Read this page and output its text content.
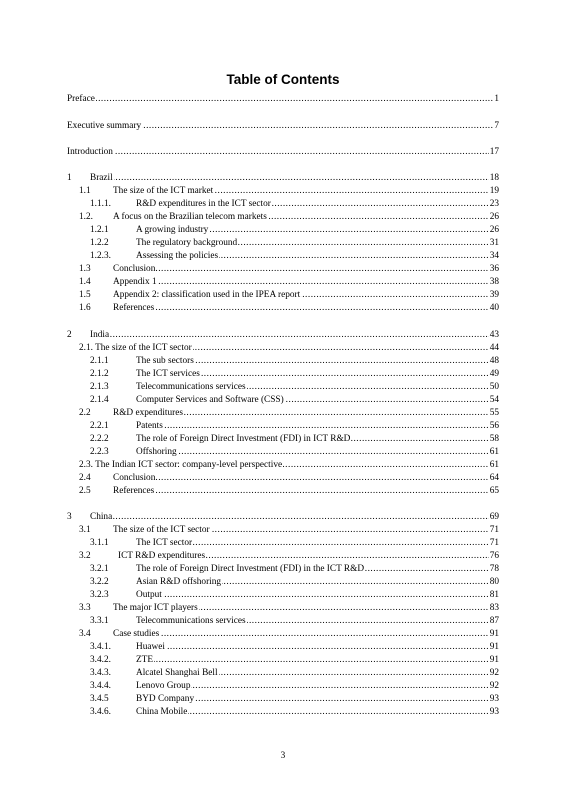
Table of Contents
.....
Preface	1
.....
Executive summary	7
.....
Introduction	17
1 ..... Brazil	18
1.1 ..... The size of the ICT market	19
1.1.1. .....	R&D expenditures in the ICT sector	23
1.2. ..... A focus on the Brazilian telecom markets	26
1.2.1 .....	A growing industry	26
1.2.2 .....	The regulatory background	31
1.2.3. .....	Assessing the policies	34
1.3 ..... Conclusion	36
1.4 ..... Appendix 1	38
1.5 ..... Appendix 2: classification used in the IPEA report	39
1.6 ..... References	40
2 ..... India	43
.....
2.1. The size of the ICT sector	44
2.1.1 .....	The sub sectors	48
2.1.2 .....	The ICT services	49
2.1.3 .....	Telecommunications services	50
2.1.4 .....	Computer Services and Software (CSS)	54
2.2 ..... R&D expenditures	55
2.2.1 .....	Patents	56
2.2.2 .....	The role of Foreign Direct Investment (FDI) in ICT R&D	58
2.2.3 .....	Offshoring	61
.....
2.3. The Indian ICT sector: company-level perspective	61
2.4 ..... Conclusion	64
2.5 ..... References	65
3 ..... China	69
3.1 ..... The size of the ICT sector	71
3.1.1 .....	The ICT sector	71
3.2 .....	ICT R&D expenditures	76
3.2.1 .....	The role of Foreign Direct Investment (FDI) in the ICT R&D	78
3.2.2 .....	Asian R&D offshoring	80
3.2.3 .....	Output	81
3.3 ..... The major ICT players	83
3.3.1 .....	Telecommunications services	87
3.4 ..... Case studies	91
3.4.1. .....	Huawei	91
3.4.2. .....	ZTE	91
3.4.3. .....	Alcatel Shanghai Bell	92
3.4.4. .....	Lenovo Group	92
3.4.5 .....	BYD Company	93
3.4.6. .....	China Mobile	93
3
